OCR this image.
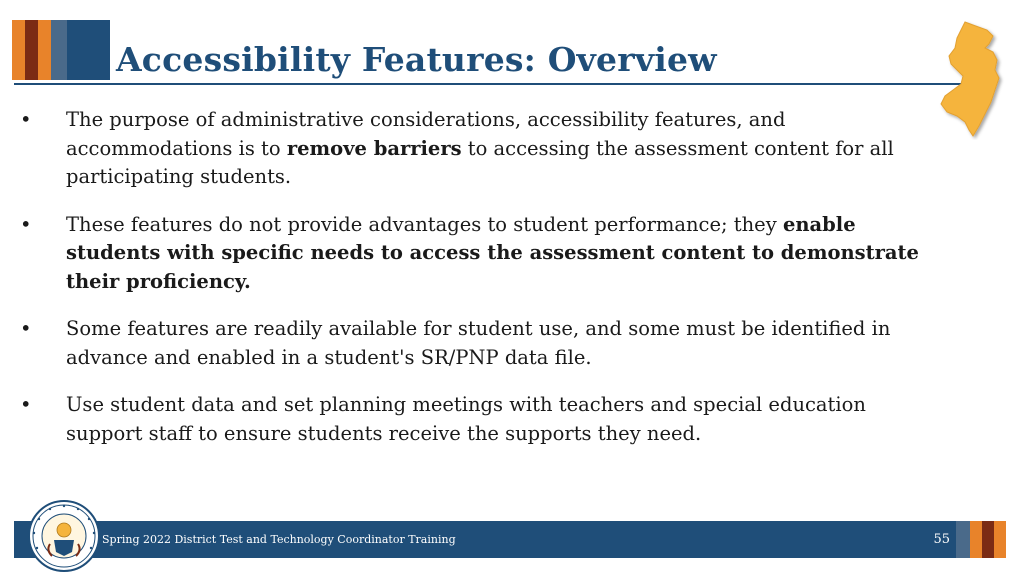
Accessibility Features: Overview
•	The purpose of administrative considerations, accessibility features, and accommodations is to remove barriers to accessing the assessment content for all participating students.
•	These features do not provide advantages to student performance; they enable students with specific needs to access the assessment content to demonstrate their proficiency.
•	Some features are readily available for student use, and some must be identified in advance and enabled in a student's SR/PNP data file.
•	Use student data and set planning meetings with teachers and special education support staff to ensure students receive the supports they need.
Spring 2022 District Test and Technology Coordinator Training	55
